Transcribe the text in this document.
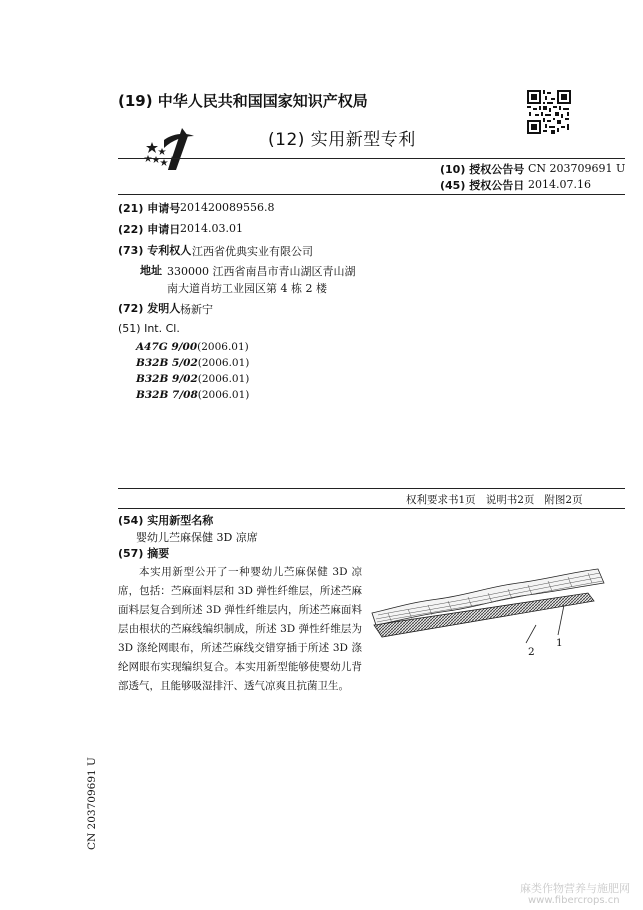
(19) 中华人民共和国国家知识产权局
(12) 实用新型专利
(10) 授权公告号 CN 203709691 U
(45) 授权公告日 2014.07.16
(21) 申请号 201420089556.8
(22) 申请日 2014.03.01
(73) 专利权人 江西省优典实业有限公司
地址 330000 江西省南昌市青山湖区青山湖
南大道肖坊工业园区第 4 栋 2 楼
(72) 发明人 杨新宁
(51) Int. Cl.
A47G 9/00(2006.01)
B32B 5/02(2006.01)
B32B 9/02(2006.01)
B32B 7/08(2006.01)
权利要求书1页   说明书2页   附图2页
(54) 实用新型名称
婴幼儿苎麻保健 3D 凉席
(57) 摘要

本实用新型公开了一种婴幼儿苎麻保健 3D 凉席，包括：苎麻面料层和 3D 弹性纤维层，所述苎麻面料层复合到所述 3D 弹性纤维层内，所述苎麻面料层由根状的苎麻线编织制成，所述 3D 弹性纤维层为 3D 涤纶网眼布，所述苎麻线交错穿插于所述 3D 涤纶网眼布实现编织复合。本实用新型能够使婴幼儿背部透气，且能够吸湿排汗、透气凉爽且抗菌卫生。

2
1
CN 203709691 U
麻类作物营养与施肥网
www.fibercrops.cn
